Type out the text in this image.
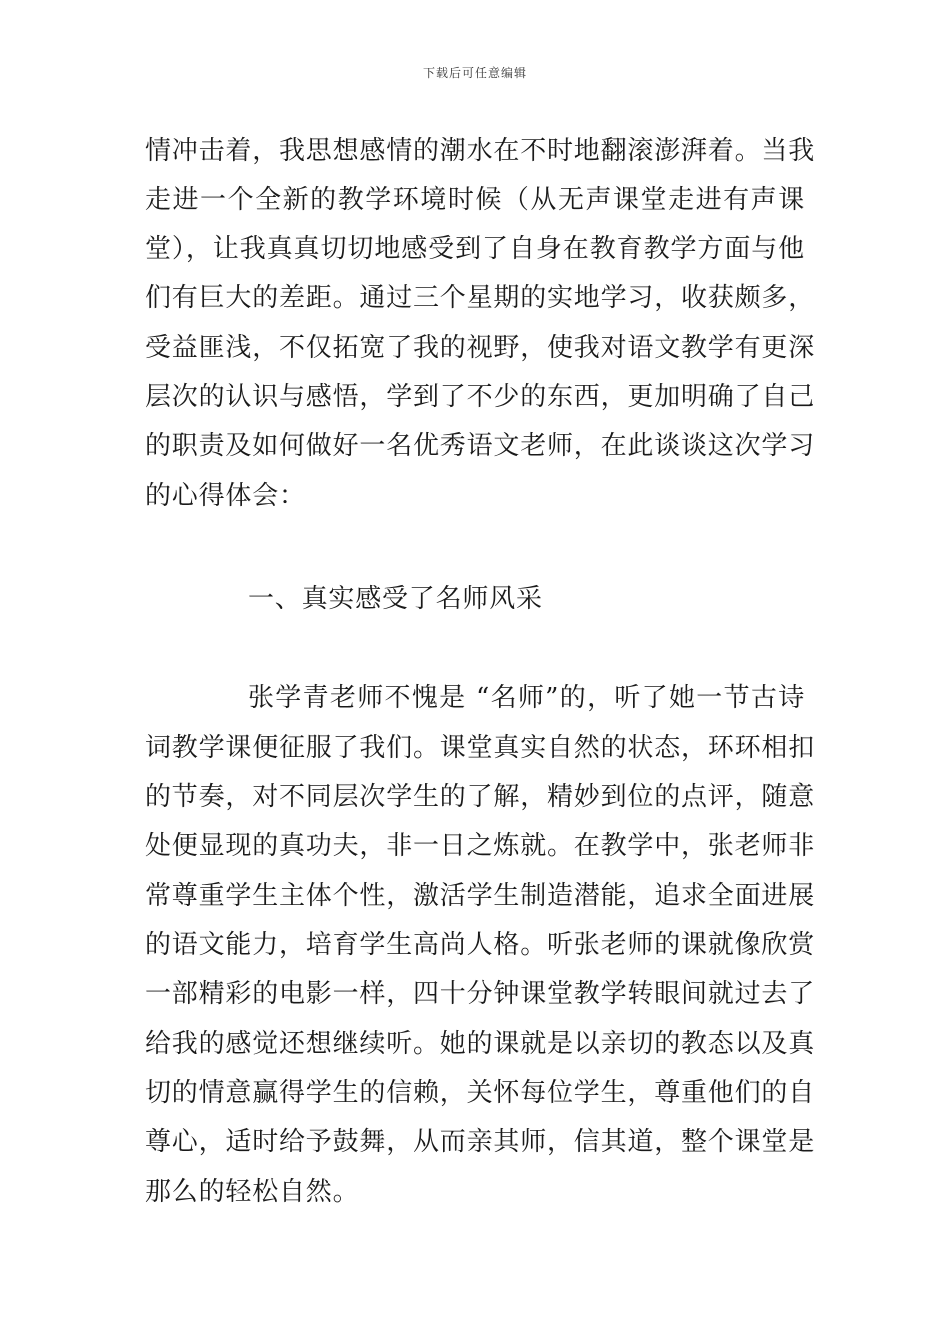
下载后可任意编辑
情冲击着，我思想感情的潮水在不时地翻滚澎湃着。当我
走进一个全新的教学环境时候（从无声课堂走进有声课
堂），让我真真切切地感受到了自身在教育教学方面与他
们有巨大的差距。通过三个星期的实地学习，收获颇多，
受益匪浅，不仅拓宽了我的视野，使我对语文教学有更深
层次的认识与感悟，学到了不少的东西，更加明确了自己
的职责及如何做好一名优秀语文老师，在此谈谈这次学习
的心得体会：
一、真实感受了名师风采
张学青老师不愧是 “名师”的，听了她一节古诗
词教学课便征服了我们。课堂真实自然的状态，环环相扣
的节奏，对不同层次学生的了解，精妙到位的点评，随意
处便显现的真功夫，非一日之炼就。在教学中，张老师非
常尊重学生主体个性，激活学生制造潜能，追求全面进展
的语文能力，培育学生高尚人格。听张老师的课就像欣赏
一部精彩的电影一样，四十分钟课堂教学转眼间就过去了
给我的感觉还想继续听。她的课就是以亲切的教态以及真
切的情意赢得学生的信赖，关怀每位学生，尊重他们的自
尊心，适时给予鼓舞，从而亲其师，信其道，整个课堂是
那么的轻松自然。
